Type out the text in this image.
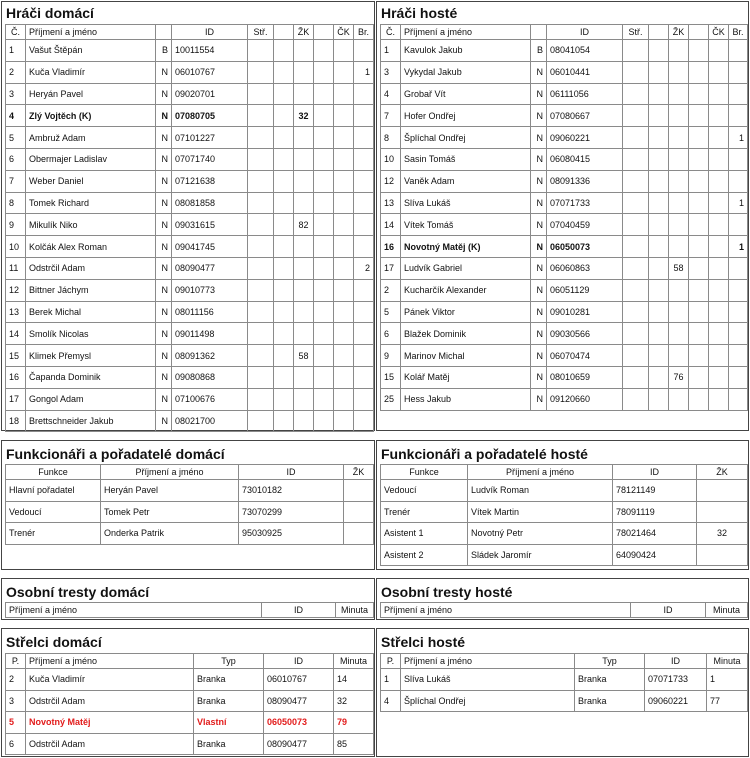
Hráči domácí
Č.	Příjmení a jméno		ID	Stř.		ŽK		ČK	Br.
1	Vašut Štěpán	B	10011554						
2	Kuča Vladimír	N	06010767						1
3	Heryán Pavel	N	09020701						
4	Zlý Vojtěch (K)	N	07080705			32			
5	Ambruž Adam	N	07101227						
6	Obermajer Ladislav	N	07071740						
7	Weber Daniel	N	07121638						
8	Tomek Richard	N	08081858						
9	Mikulík Niko	N	09031615			82			
10	Kolčák Alex Roman	N	09041745						
11	Odstrčil Adam	N	08090477						2
12	Bittner Jáchym	N	09010773						
13	Berek Michal	N	08011156						
14	Smolík Nicolas	N	09011498						
15	Klimek Přemysl	N	08091362			58			
16	Čapanda Dominik	N	09080868						
17	Gongol Adam	N	07100676						
18	Brettschneider Jakub	N	08021700						
Hráči hosté
Č.	Příjmení a jméno		ID	Stř.		ŽK		ČK	Br.
1	Kavulok Jakub	B	08041054						
3	Vykydal Jakub	N	06010441						
4	Grobař Vít	N	06111056						
7	Hofer Ondřej	N	07080667						
8	Šplíchal Ondřej	N	09060221						1
10	Sasin Tomáš	N	06080415						
12	Vaněk Adam	N	08091336						
13	Slíva Lukáš	N	07071733						1
14	Vítek Tomáš	N	07040459						
16	Novotný Matěj (K)	N	06050073						1
17	Ludvík Gabriel	N	06060863			58			
2	Kucharčík Alexander	N	06051129						
5	Pánek Viktor	N	09010281						
6	Blažek Dominik	N	09030566						
9	Marinov Michal	N	06070474						
15	Kolář Matěj	N	08010659			76			
25	Hess Jakub	N	09120660						
Funkcionáři a pořadatelé domácí
Funkce	Příjmení a jméno	ID	ŽK
Hlavní pořadatel	Heryán Pavel	73010182	
Vedoucí	Tomek Petr	73070299	
Trenér	Onderka Patrik	95030925	
Funkcionáři a pořadatelé hosté
Funkce	Příjmení a jméno	ID	ŽK
Vedoucí	Ludvík Roman	78121149	
Trenér	Vítek Martin	78091119	
Asistent 1	Novotný Petr	78021464	32
Asistent 2	Sládek Jaromír	64090424	
Osobní tresty domácí
Příjmení a jméno	ID	Minuta
Osobní tresty hosté
Příjmení a jméno	ID	Minuta
Střelci domácí
P.	Příjmení a jméno	Typ	ID	Minuta
2	Kuča Vladimír	Branka	06010767	14
3	Odstrčil Adam	Branka	08090477	32
5	Novotný Matěj	Vlastní	06050073	79
6	Odstrčil Adam	Branka	08090477	85
Střelci hosté
P.	Příjmení a jméno	Typ	ID	Minuta
1	Slíva Lukáš	Branka	07071733	1
4	Šplíchal Ondřej	Branka	09060221	77
